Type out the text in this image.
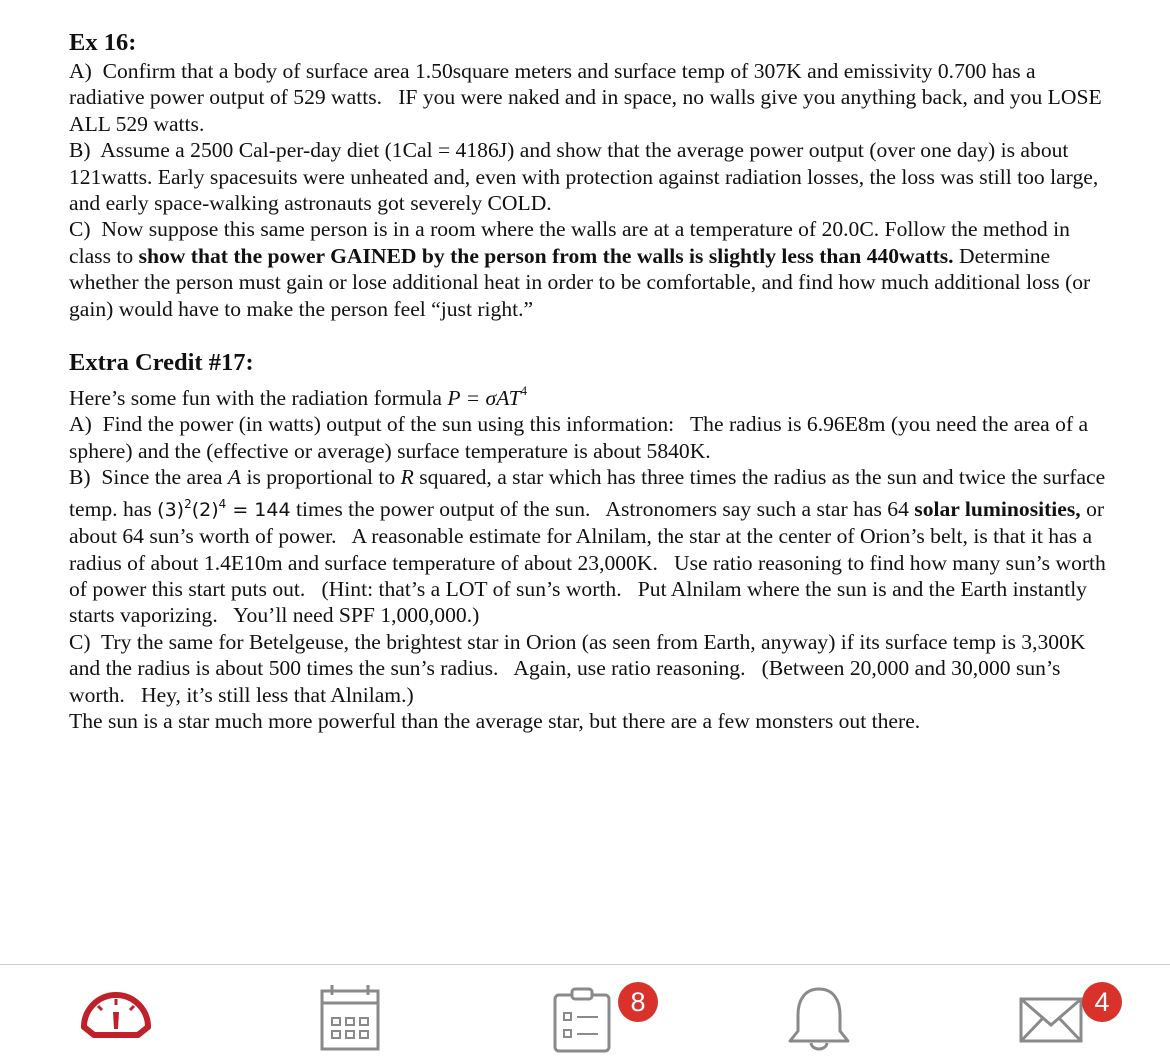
Ex 16:

A)  Confirm that a body of surface area 1.50square meters and surface temp of 307K and emissivity 0.700 has a radiative power output of 529 watts.   IF you were naked and in space, no walls give you anything back, and you LOSE ALL 529 watts.

B)  Assume a 2500 Cal-per-day diet (1Cal = 4186J) and show that the average power output (over one day) is about 121watts. Early spacesuits were unheated and, even with protection against radiation losses, the loss was still too large, and early space-walking astronauts got severely COLD.

C)  Now suppose this same person is in a room where the walls are at a temperature of 20.0C. Follow the method in class to show that the power GAINED by the person from the walls is slightly less than 440watts. Determine whether the person must gain or lose additional heat in order to be comfortable, and find how much additional loss (or gain) would have to make the person feel “just right.”

Extra Credit #17:

Here’s some fun with the radiation formula P = σAT$^4$

A)  Find the power (in watts) output of the sun using this information:   The radius is 6.96E8m (you need the area of a sphere) and the (effective or average) surface temperature is about 5840K.

B)  Since the area A is proportional to R squared, a star which has three times the radius as the sun and twice the surface temp. has $(3)^2(2)^4 = 144$ times the power output of the sun.   Astronomers say such a star has 64 solar luminosities, or about 64 sun’s worth of power.   A reasonable estimate for Alnilam, the star at the center of Orion’s belt, is that it has a radius of about 1.4E10m and surface temperature of about 23,000K.   Use ratio reasoning to find how many sun’s worth of power this start puts out.   (Hint: that’s a LOT of sun’s worth.   Put Alnilam where the sun is and the Earth instantly starts vaporizing.   You’ll need SPF 1,000,000.)

C)  Try the same for Betelgeuse, the brightest star in Orion (as seen from Earth, anyway) if its surface temp is 3,300K and the radius is about 500 times the sun’s radius.   Again, use ratio reasoning.   (Between 20,000 and 30,000 sun’s worth.   Hey, it’s still less that Alnilam.)

The sun is a star much more powerful than the average star, but there are a few monsters out there.

8	4
